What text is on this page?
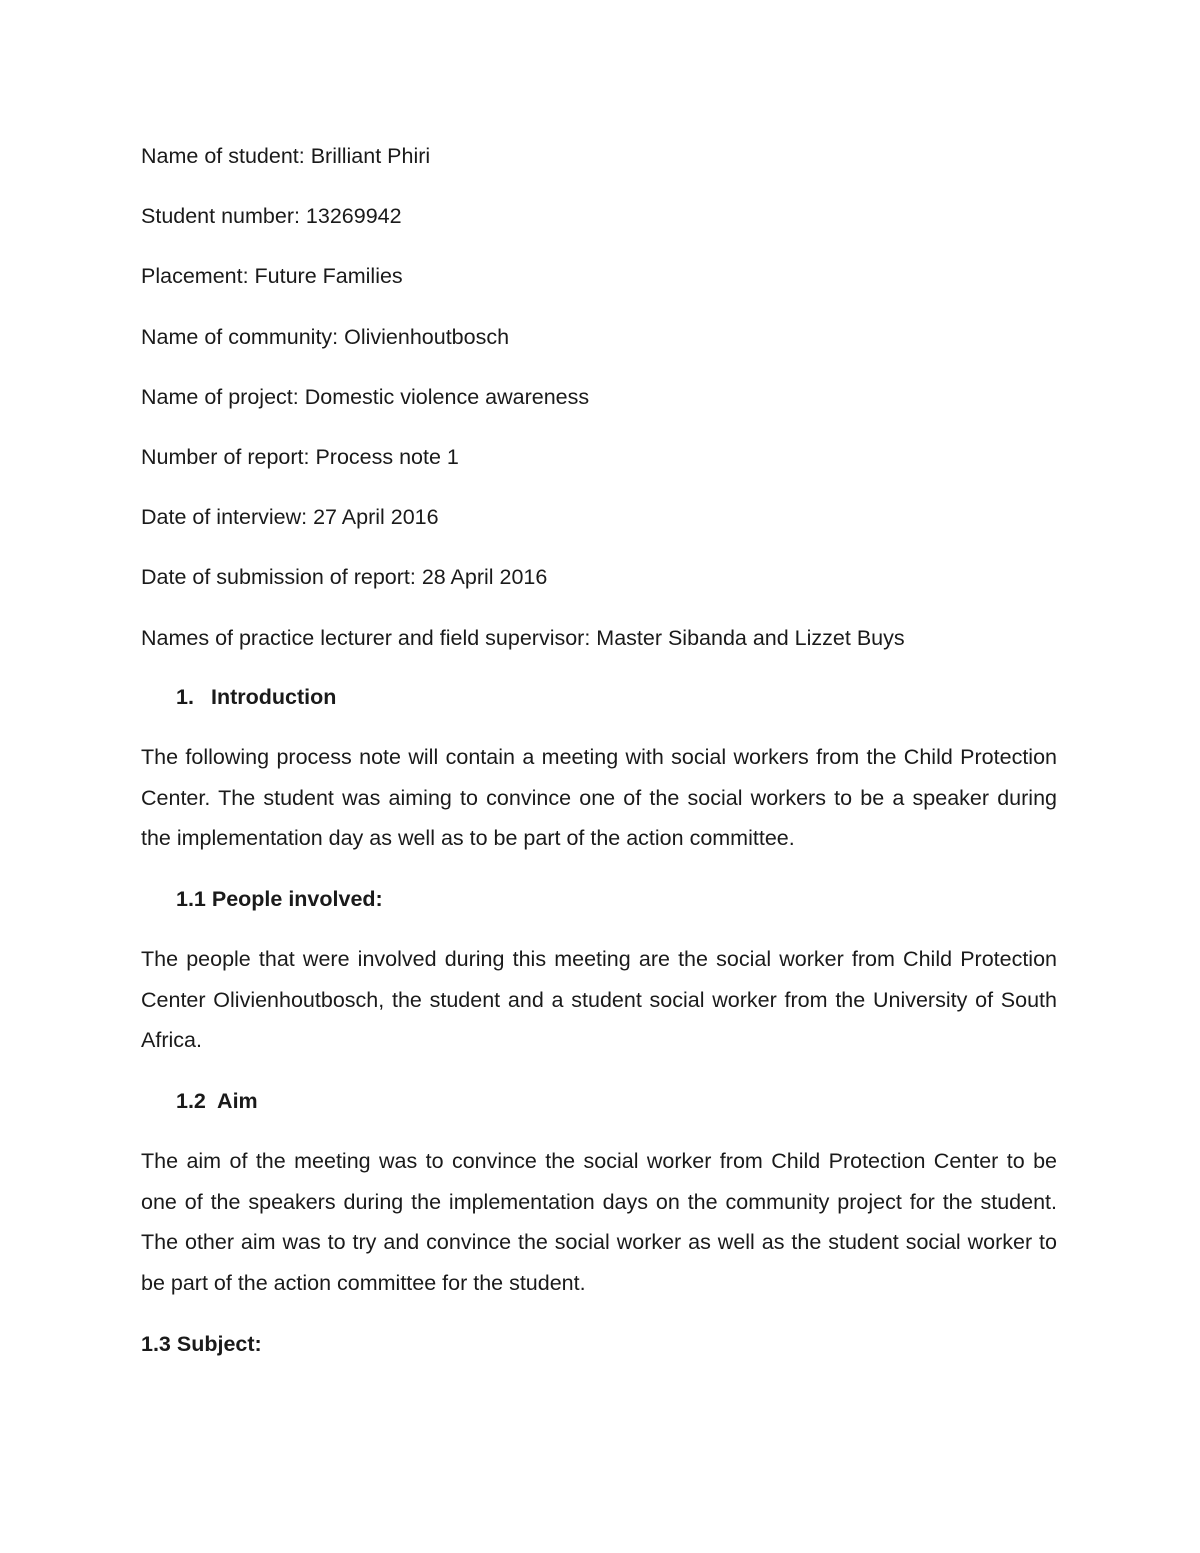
Name of student: Brilliant Phiri
Student number: 13269942
Placement: Future Families
Name of community: Olivienhoutbosch
Name of project: Domestic violence awareness
Number of report: Process note 1
Date of interview: 27 April 2016
Date of submission of report: 28 April 2016
Names of practice lecturer and field supervisor: Master Sibanda and Lizzet Buys
1. Introduction
The following process note will contain a meeting with social workers from the Child Protection Center. The student was aiming to convince one of the social workers to be a speaker during the implementation day as well as to be part of the action committee.
1.1 People involved:
The people that were involved during this meeting are the social worker from Child Protection Center Olivienhoutbosch, the student and a student social worker from the University of South Africa.
1.2  Aim
The aim of the meeting was to convince the social worker from Child Protection Center to be one of the speakers during the implementation days on the community project for the student. The other aim was to try and convince the social worker as well as the student social worker to be part of the action committee for the student.
1.3 Subject:
